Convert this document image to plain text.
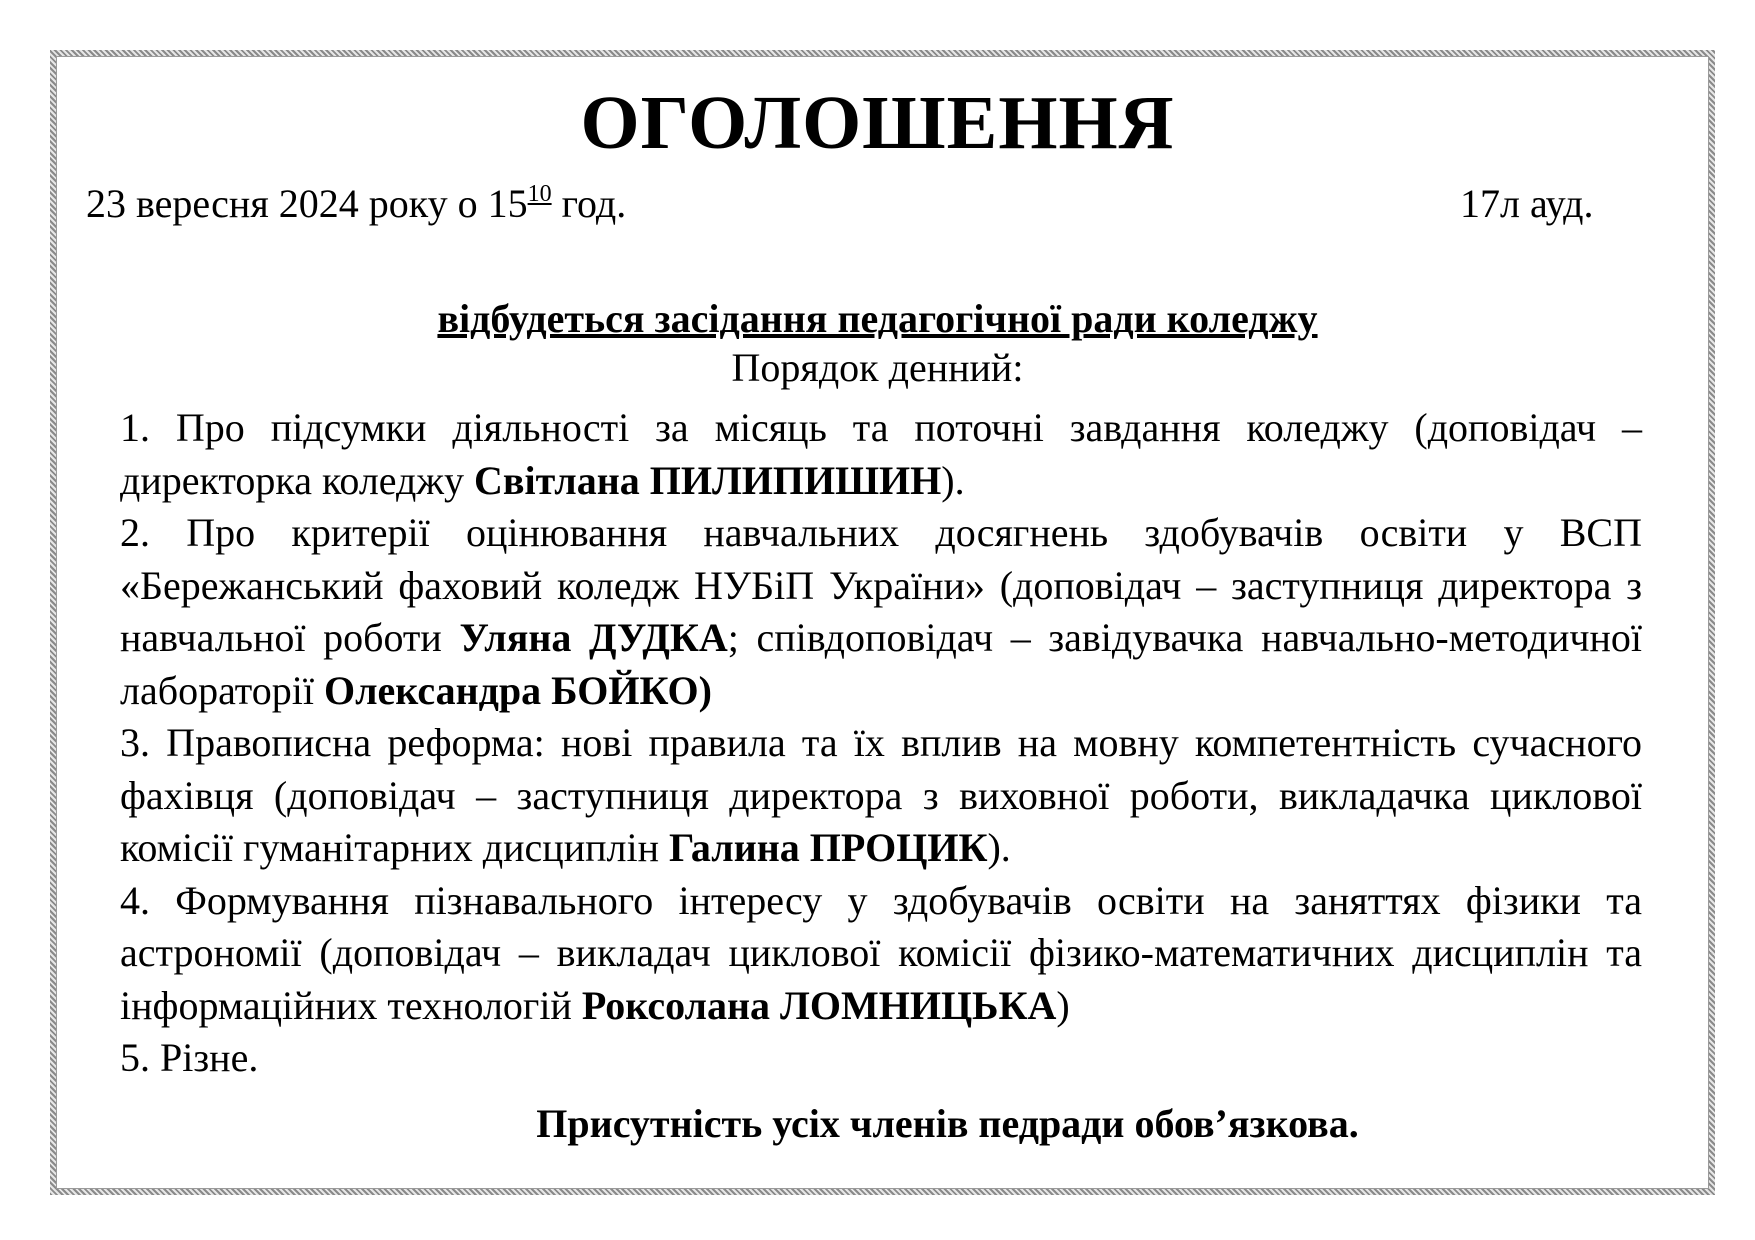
ОГОЛОШЕННЯ
23 вересня 2024 року о $15^{10}$ год.	17л ауд.
відбудеться засідання педагогічної ради коледжу
Порядок денний:

1. Про підсумки діяльності за місяць та поточні завдання коледжу (доповідач – директорка коледжу Світлана ПИЛИПИШИН).

2. Про критерії оцінювання навчальних досягнень здобувачів освіти у ВСП «Бережанський фаховий коледж НУБіП України» (доповідач – заступниця директора з навчальної роботи Уляна ДУДКА; співдоповідач – завідувачка навчально-методичної лабораторії Олександра БОЙКО)

3. Правописна реформа: нові правила та їх вплив на мовну компетентність сучасного фахівця (доповідач – заступниця директора з виховної роботи, викладачка циклової комісії гуманітарних дисциплін Галина ПРОЦИК).

4. Формування пізнавального інтересу у здобувачів освіти на заняттях фізики та астрономії (доповідач – викладач циклової комісії фізико-математичних дисциплін та інформаційних технологій Роксолана ЛОМНИЦЬКА)

5. Різне.

Присутність усіх членів педради обов’язкова.
